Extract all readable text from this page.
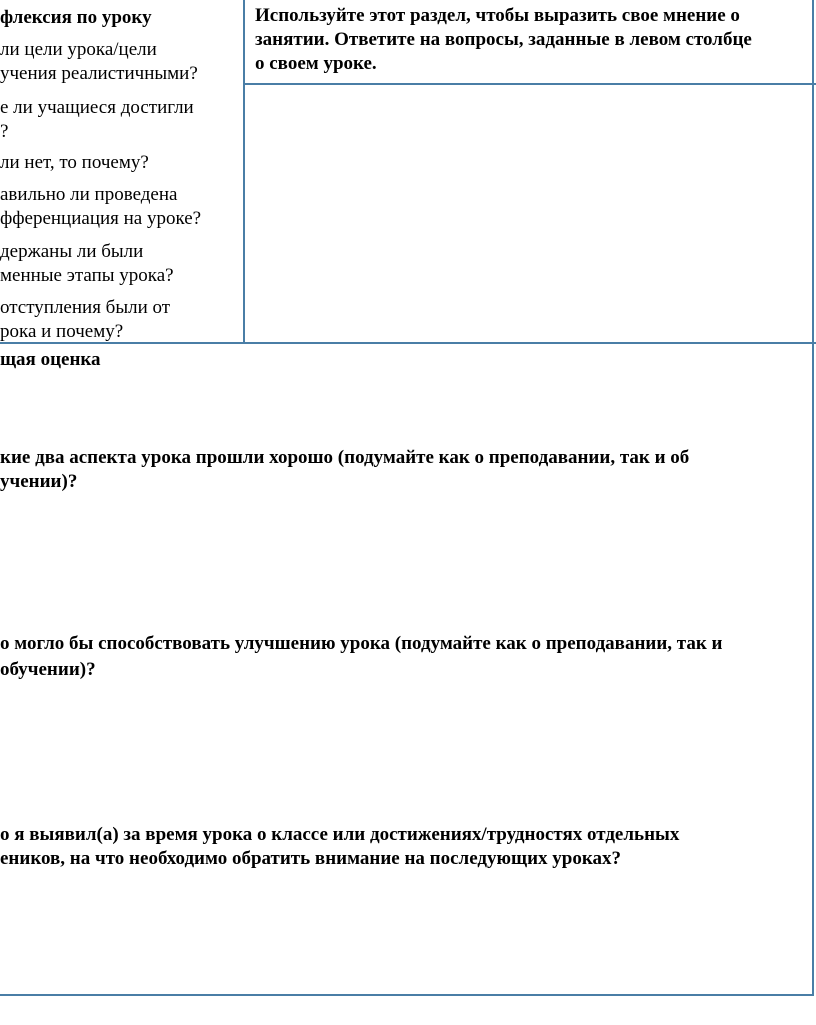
флексия по уроку
ли цели урока/цели
учения реалистичными?
е ли учащиеся достигли
?
ли нет, то почему?
авильно ли проведена
фференциация на уроке?
держаны ли были
менные этапы урока?
отступления были от
рока и почему?
Используйте этот раздел, чтобы выразить свое мнение о
занятии. Ответите на вопросы, заданные в левом столбце
о своем уроке.
щая оценка
кие два аспекта урока прошли хорошо (подумайте как о преподавании, так и об
учении)?
о могло бы способствовать улучшению урока (подумайте как о преподавании, так и
обучении)?
о я выявил(а) за время урока о классе или достижениях/трудностях отдельных
еников, на что необходимо обратить внимание на последующих уроках?
